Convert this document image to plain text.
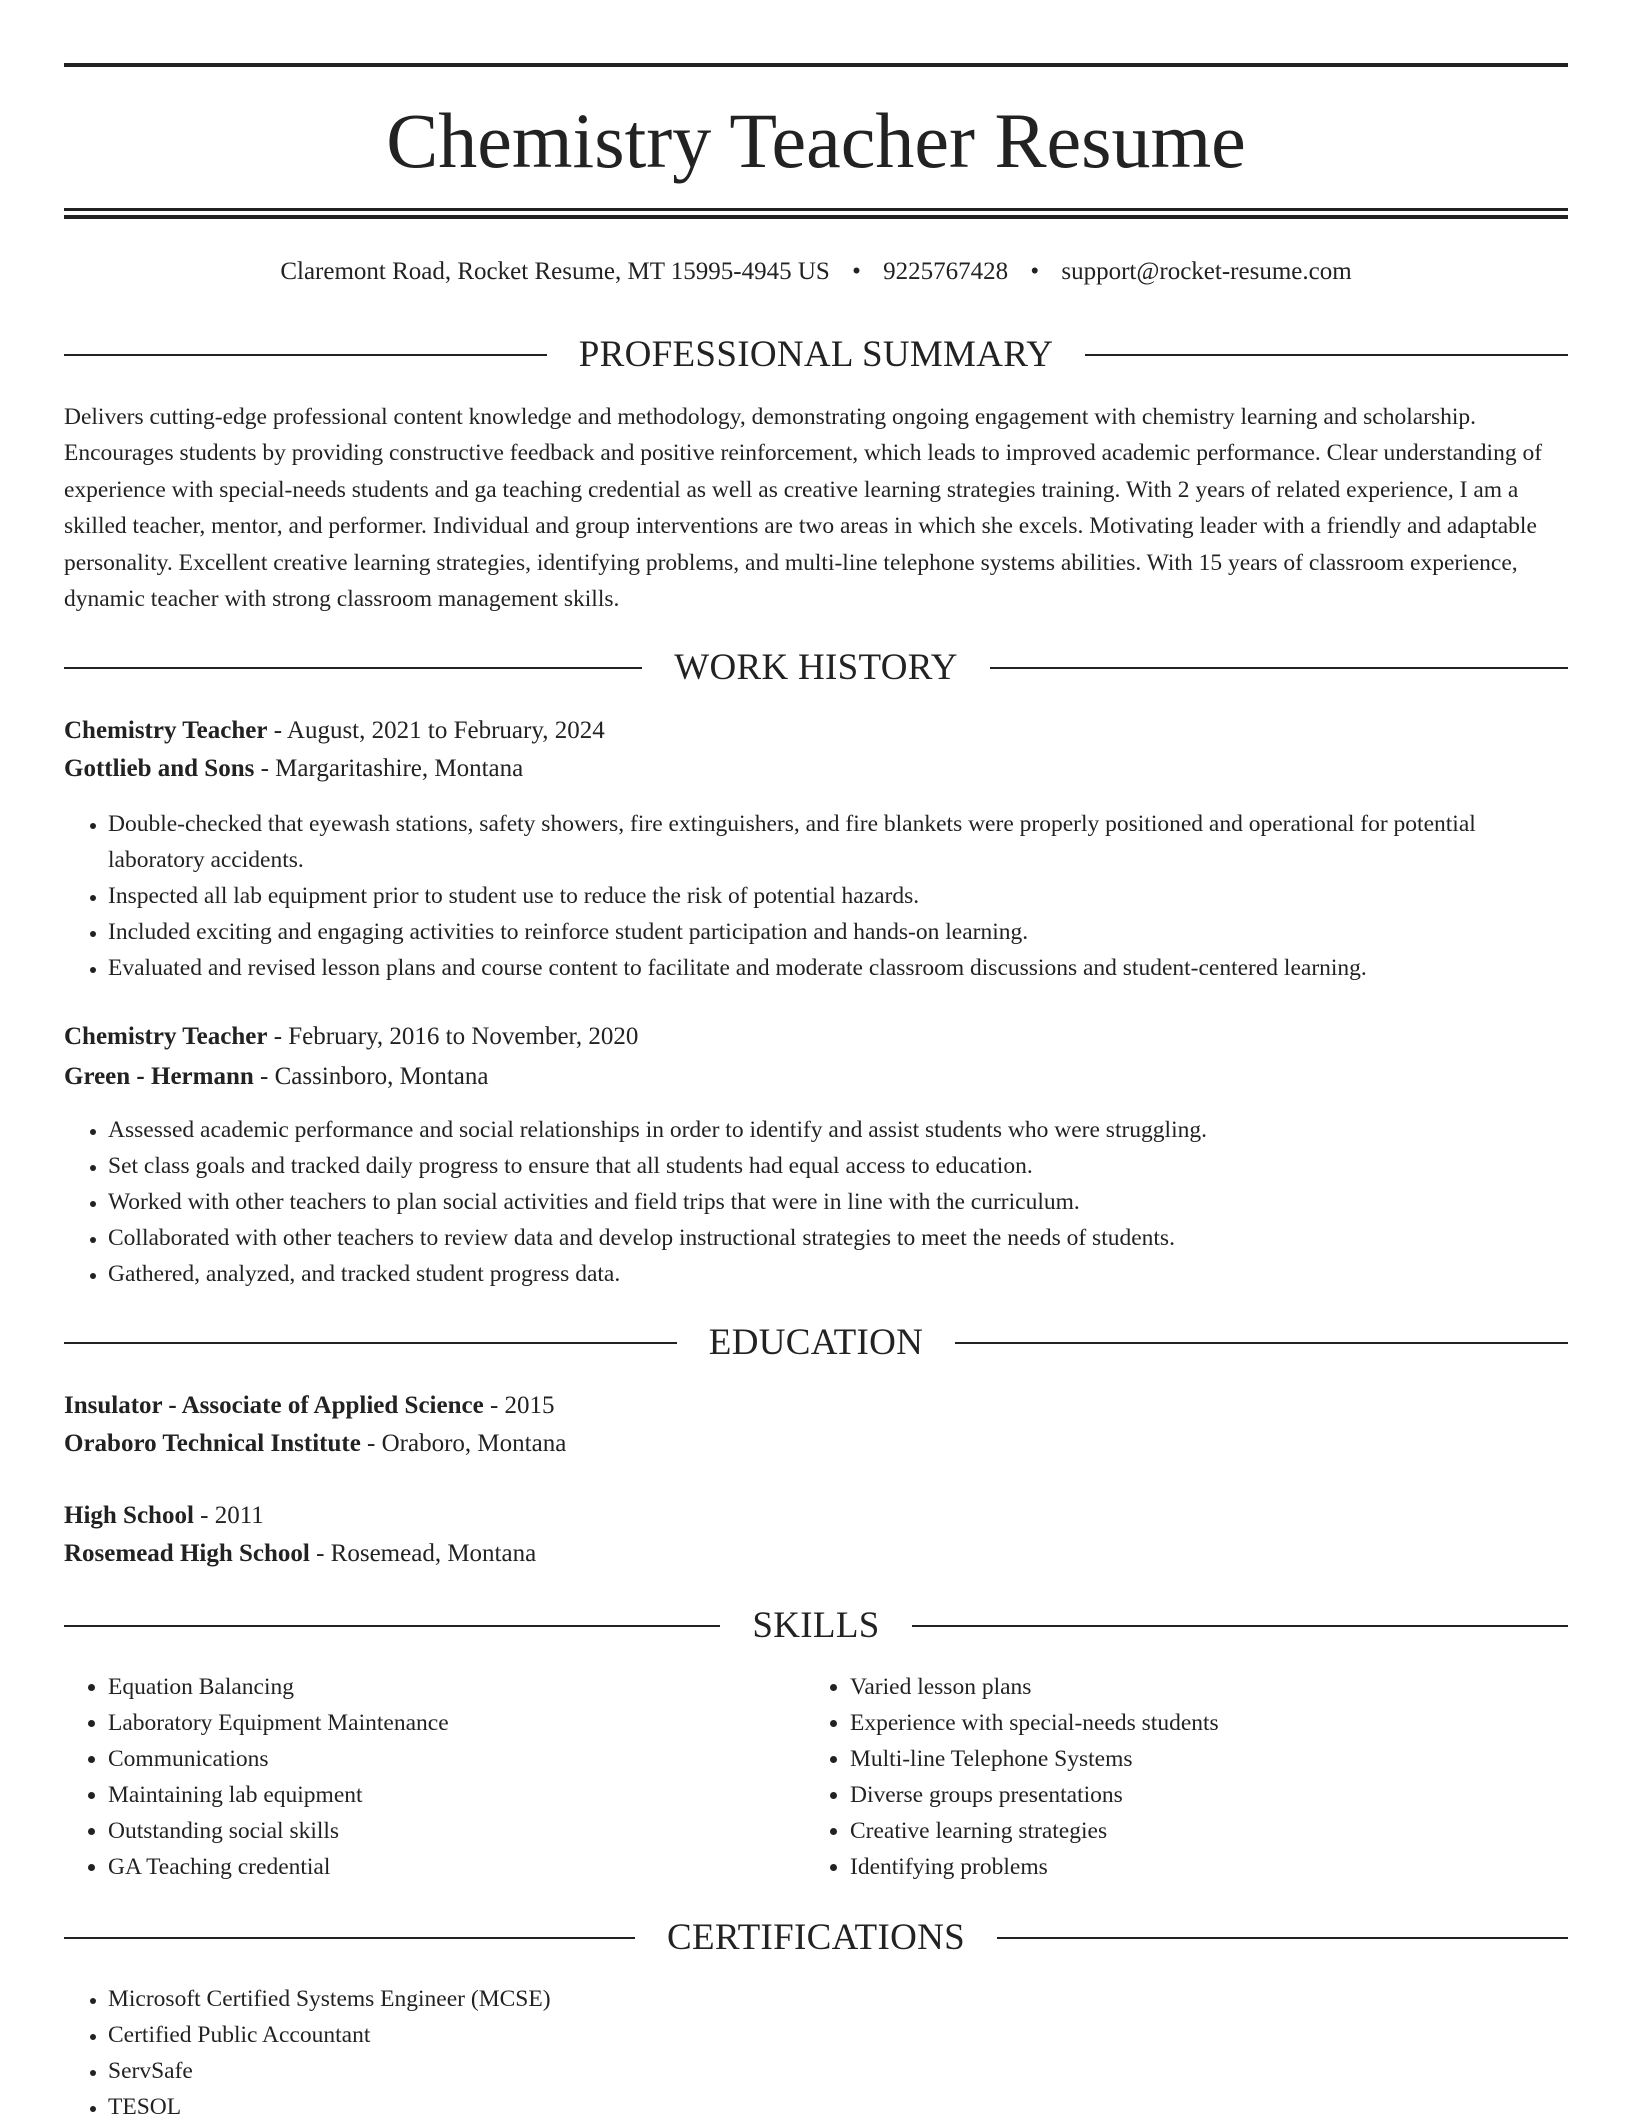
Chemistry Teacher Resume
Claremont Road, Rocket Resume, MT 15995-4945 US • 9225767428 • support@rocket-resume.com
PROFESSIONAL SUMMARY

Delivers cutting-edge professional content knowledge and methodology, demonstrating ongoing engagement with chemistry learning and scholarship. Encourages students by providing constructive feedback and positive reinforcement, which leads to improved academic performance. Clear understanding of experience with special-needs students and ga teaching credential as well as creative learning strategies training. With 2 years of related experience, I am a skilled teacher, mentor, and performer. Individual and group interventions are two areas in which she excels. Motivating leader with a friendly and adaptable personality. Excellent creative learning strategies, identifying problems, and multi-line telephone systems abilities. With 15 years of classroom experience, dynamic teacher with strong classroom management skills.

WORK HISTORY
Chemistry Teacher - August, 2021 to February, 2024
Gottlieb and Sons - Margaritashire, Montana
• Double-checked that eyewash stations, safety showers, fire extinguishers, and fire blankets were properly positioned and operational for potential laboratory accidents.
• Inspected all lab equipment prior to student use to reduce the risk of potential hazards.
• Included exciting and engaging activities to reinforce student participation and hands-on learning.
• Evaluated and revised lesson plans and course content to facilitate and moderate classroom discussions and student-centered learning.
Chemistry Teacher - February, 2016 to November, 2020
Green - Hermann - Cassinboro, Montana
• Assessed academic performance and social relationships in order to identify and assist students who were struggling.
• Set class goals and tracked daily progress to ensure that all students had equal access to education.
• Worked with other teachers to plan social activities and field trips that were in line with the curriculum.
• Collaborated with other teachers to review data and develop instructional strategies to meet the needs of students.
• Gathered, analyzed, and tracked student progress data.
EDUCATION
Insulator - Associate of Applied Science - 2015
Oraboro Technical Institute - Oraboro, Montana
High School - 2011
Rosemead High School - Rosemead, Montana
SKILLS
• Equation Balancing
• Laboratory Equipment Maintenance
• Communications
• Maintaining lab equipment
• Outstanding social skills
• GA Teaching credential
• Varied lesson plans
• Experience with special-needs students
• Multi-line Telephone Systems
• Diverse groups presentations
• Creative learning strategies
• Identifying problems
CERTIFICATIONS
• Microsoft Certified Systems Engineer (MCSE)
• Certified Public Accountant
• ServSafe
• TESOL
